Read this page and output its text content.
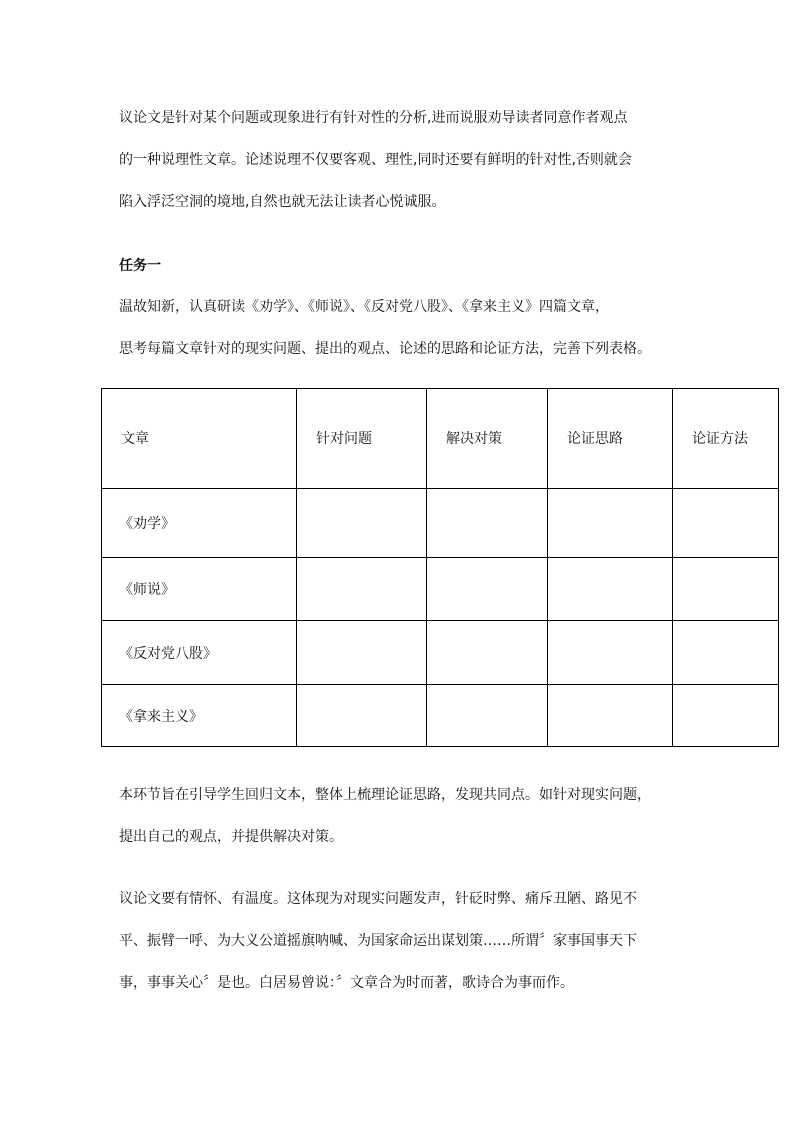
议论文是针对某个问题或现象进行有针对性的分析,进而说服劝导读者同意作者观点

的一种说理性文章。论述说理不仅要客观、理性,同时还要有鲜明的针对性,否则就会

陷入浮泛空洞的境地,自然也就无法让读者心悦诚服。

任务一

温故知新，认真研读《劝学》、《师说》、《反对党八股》、《拿来主义》四篇文章，

思考每篇文章针对的现实问题、提出的观点、论述的思路和论证方法，完善下列表格。

文章	针对问题	解决对策	论证思路	论证方法

《劝学》				

《师说》				

《反对党八股》				

《拿来主义》				

本环节旨在引导学生回归文本，整体上梳理论证思路，发现共同点。如针对现实问题，

提出自己的观点，并提供解决对策。

议论文要有情怀、有温度。这体现为对现实问题发声，针砭时弊、痛斥丑陋、路见不

平、振臂一呼、为大义公道摇旗呐喊、为国家命运出谋划策……所谓〞家事国事天下

事，事事关心〞是也。白居易曾说：〞文章合为时而著，歌诗合为事而作。
